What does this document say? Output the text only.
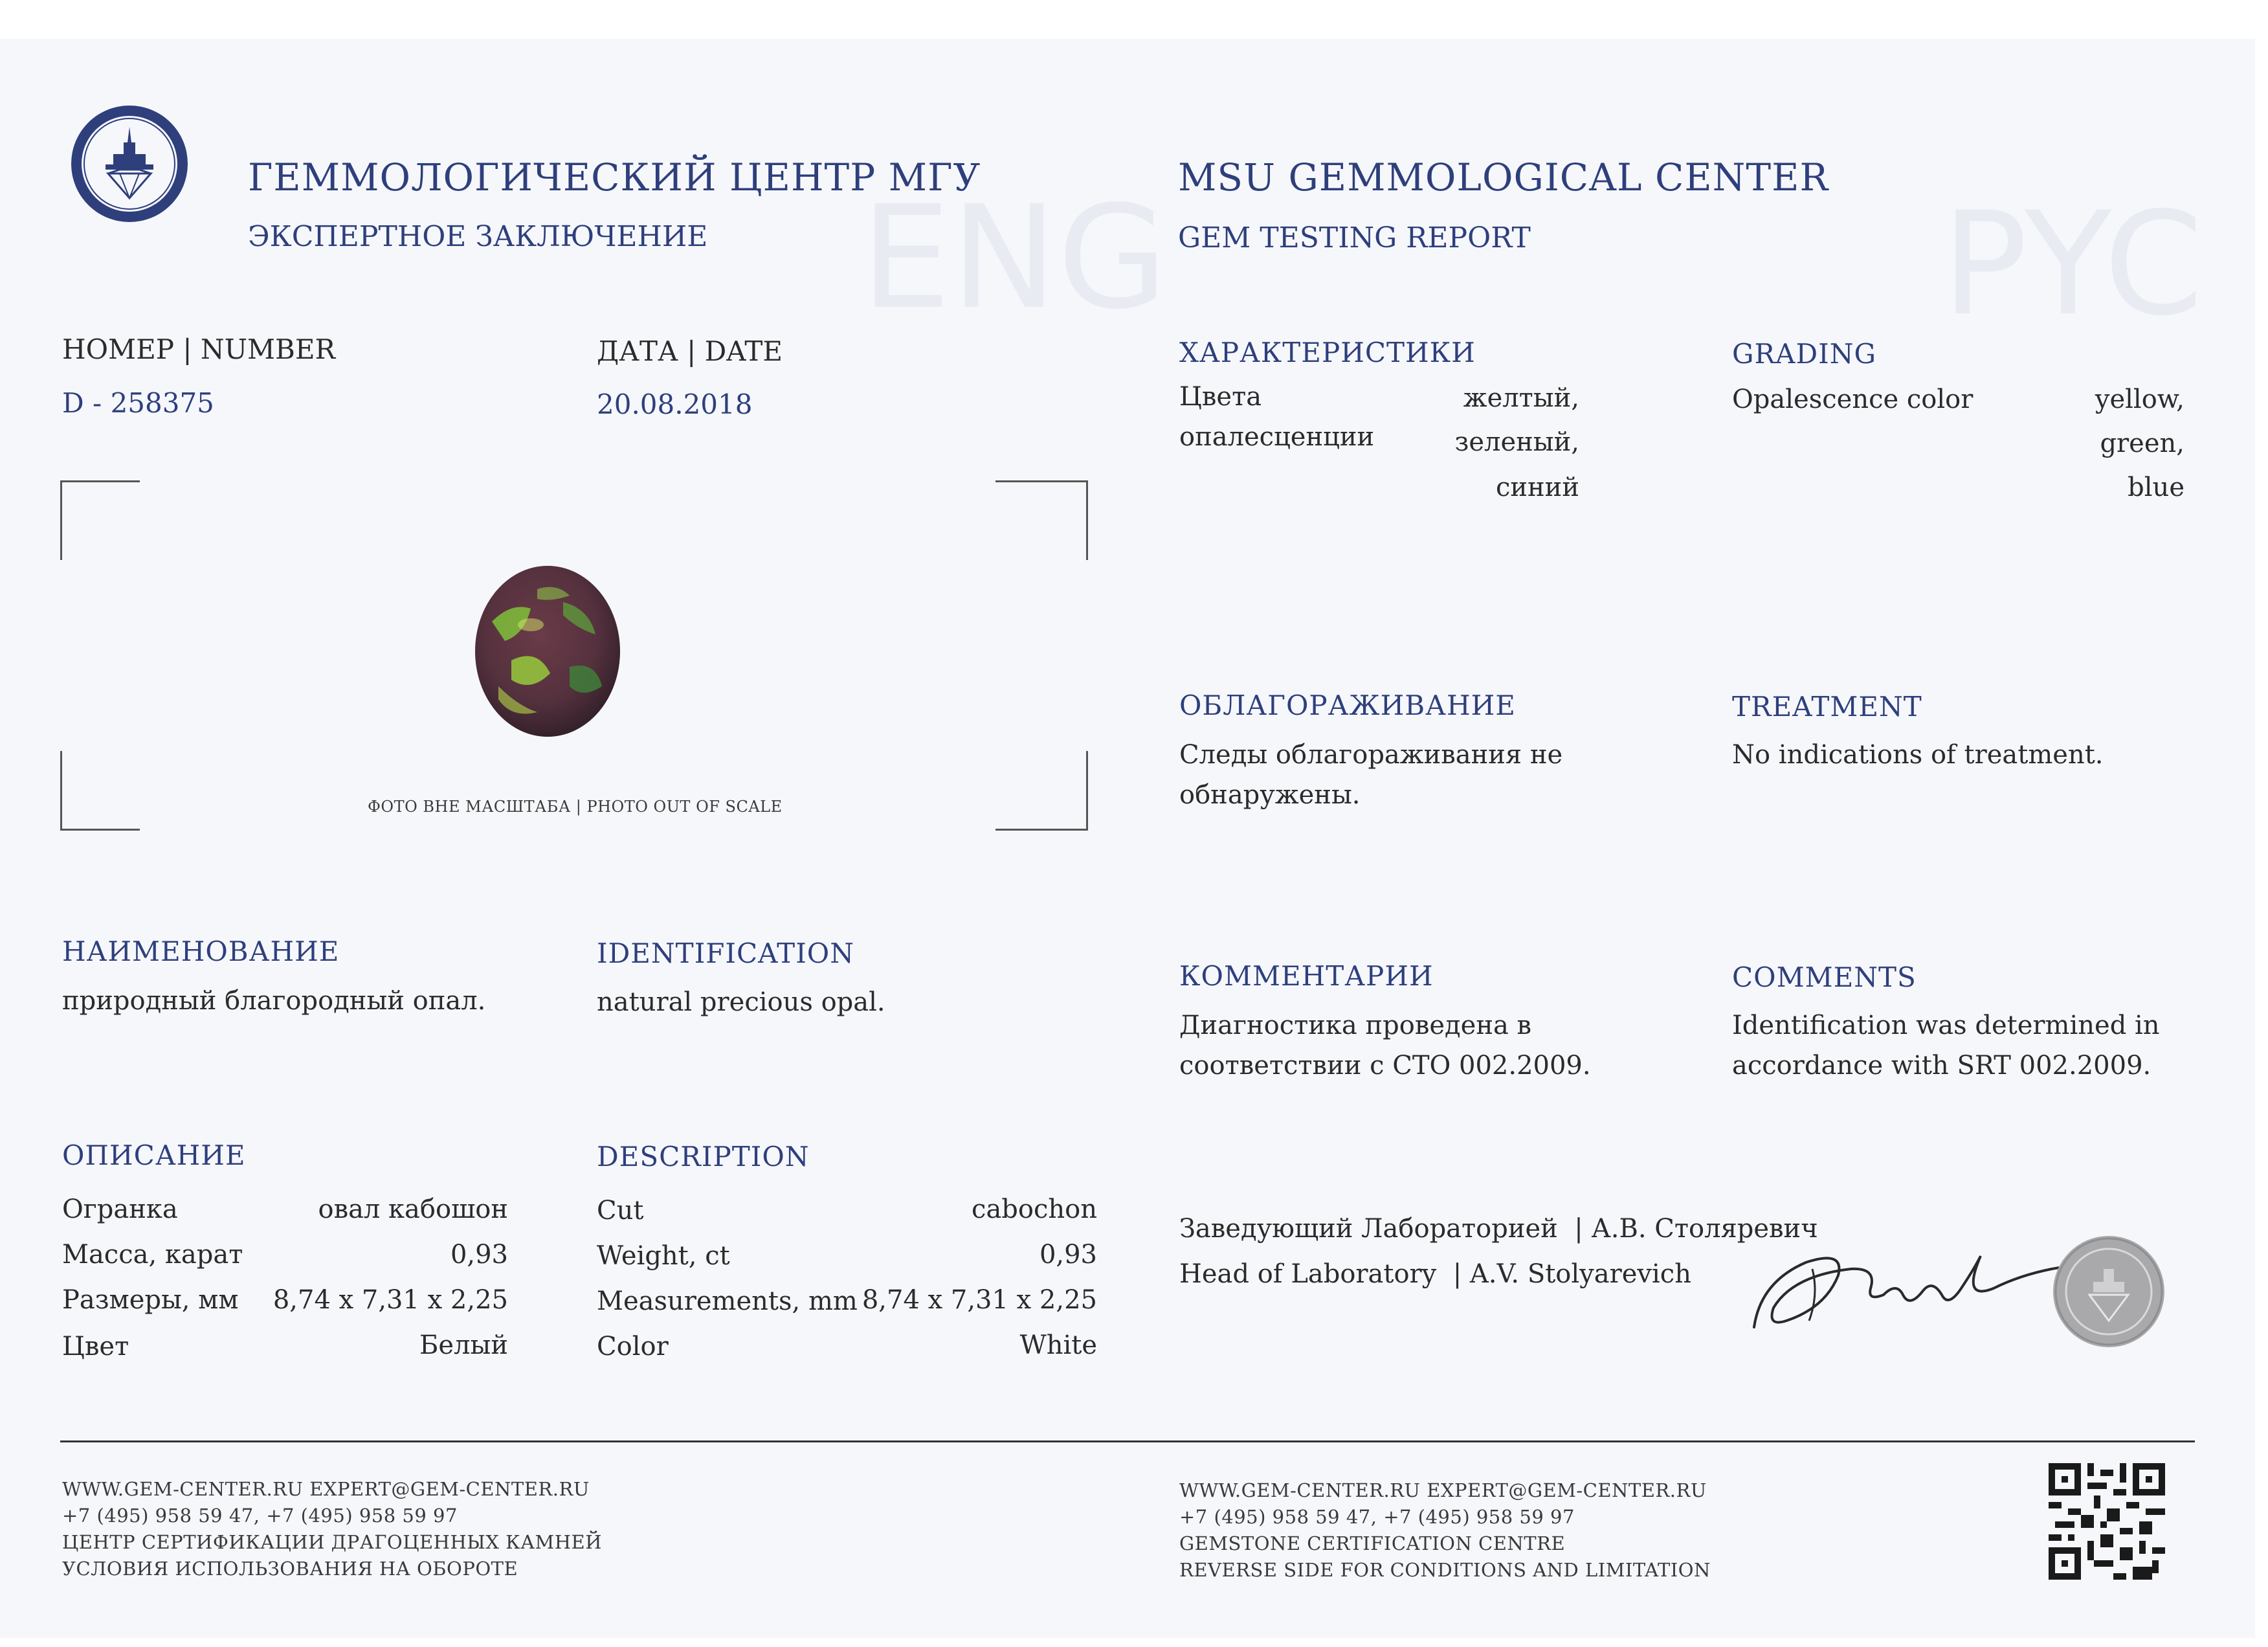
ENG	PYC
ГЕММОЛОГИЧЕСКИЙ ЦЕНТР МГУ
ЭКСПЕРТНОЕ ЗАКЛЮЧЕНИЕ
MSU GEMMOLOGICAL CENTER
GEM TESTING REPORT
НОМЕР | NUMBER
D - 258375
ДАТА | DATE
20.08.2018
ФОТО ВНЕ МАСШТАБА | PHOTO OUT OF SCALE
НАИМЕНОВАНИЕ
природный благородный опал.
IDENTIFICATION
natural precious opal.
ОПИСАНИЕ	DESCRIPTION
Огранка	овал кабошон
Масса, карат	0,93
Размеры, мм	8,74 x 7,31 x 2,25
Цвет	Белый
Cut	cabochon
Weight, ct	0,93
Measurements, mm 8,74 x 7,31 x 2,25
Color	White
ХАРАКТЕРИСТИКИ
Цвета
опалесценции
желтый,
зеленый,
синий
GRADING
Opalescence color	yellow,
green,
blue
ОБЛАГОРАЖИВАНИЕ
Следы облагораживания не
обнаружены.
TREATMENT
No indications of treatment.
КОММЕНТАРИИ
Диагностика проведена в
соответствии с СТО 002.2009.
COMMENTS
Identification was determined in
accordance with SRT 002.2009.
Заведующий Лабораторией  | А.В. Столяревич
Head of Laboratory  | A.V. Stolyarevich
WWW.GEM-CENTER.RU EXPERT@GEM-CENTER.RU
+7 (495) 958 59 47, +7 (495) 958 59 97
ЦЕНТР СЕРТИФИКАЦИИ ДРАГОЦЕННЫХ КАМНЕЙ
УСЛОВИЯ ИСПОЛЬЗОВАНИЯ НА ОБОРОТЕ
WWW.GEM-CENTER.RU EXPERT@GEM-CENTER.RU
+7 (495) 958 59 47, +7 (495) 958 59 97
GEMSTONE CERTIFICATION CENTRE
REVERSE SIDE FOR CONDITIONS AND LIMITATION
